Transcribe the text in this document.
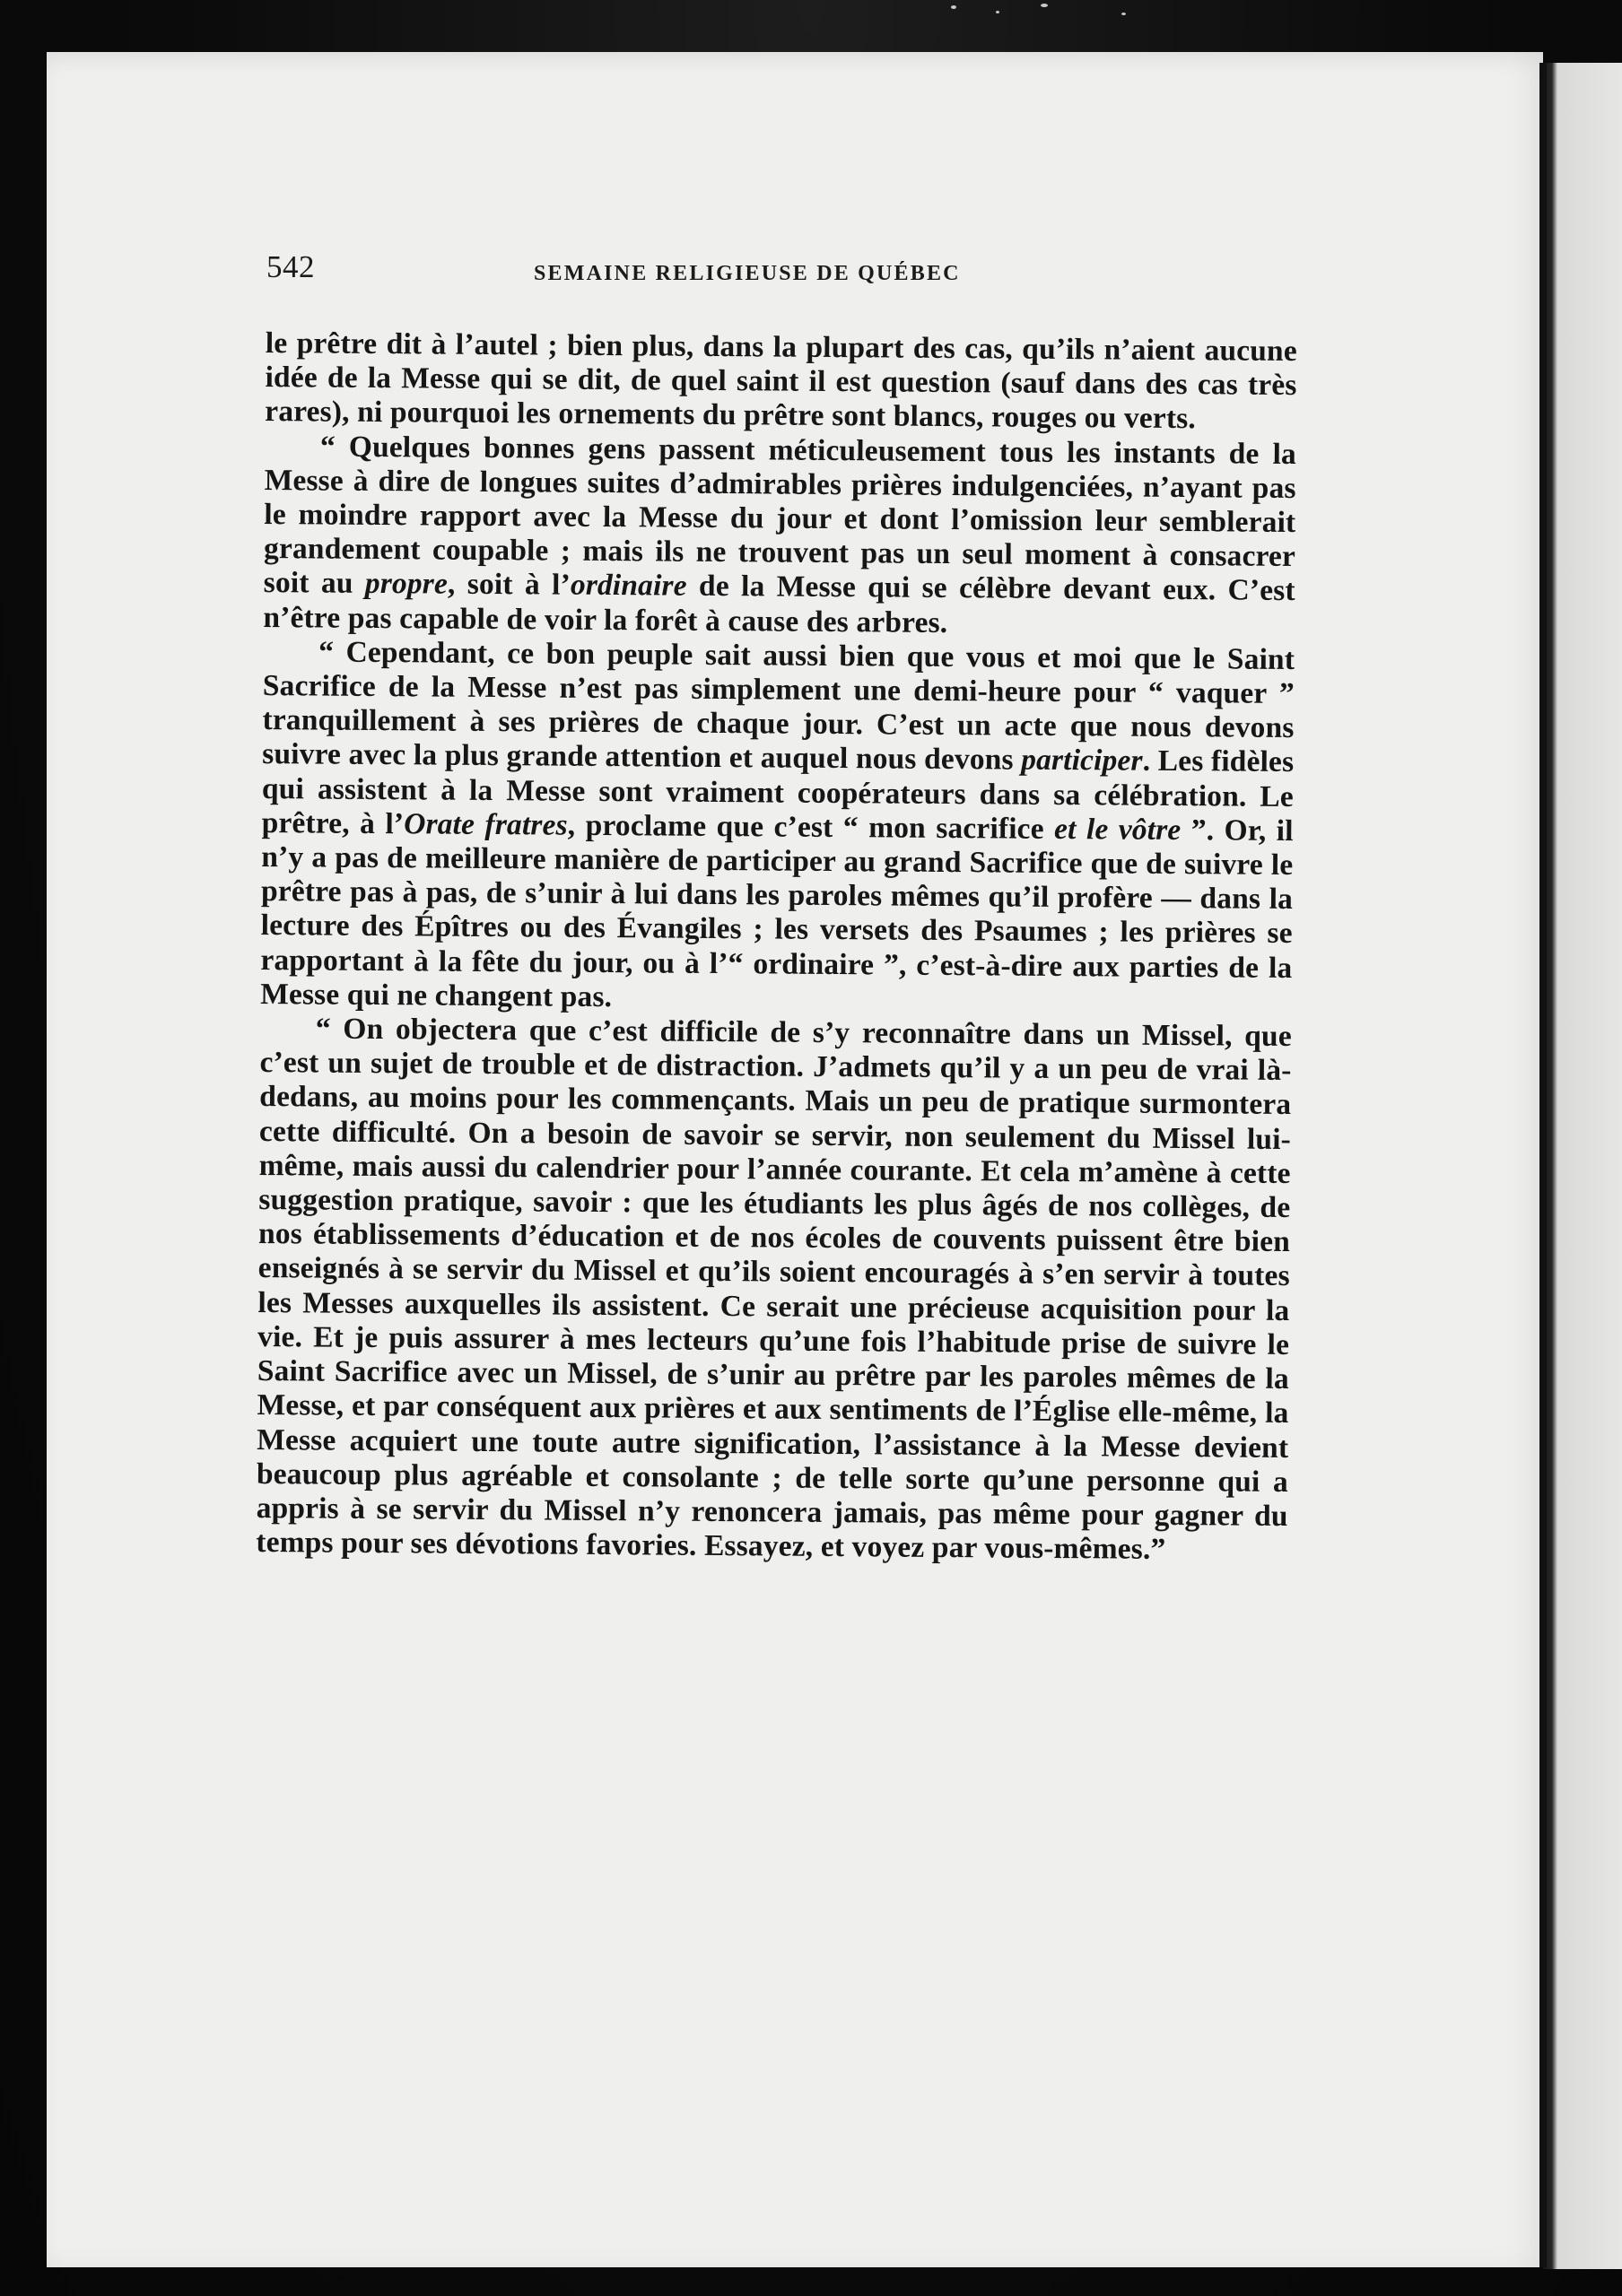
542	SEMAINE RELIGIEUSE DE QUÉBEC

le prêtre dit à l’autel ; bien plus, dans la plupart des cas, qu’ils n’aient aucune idée de la Messe qui se dit, de quel saint il est question (sauf dans des cas très rares), ni pourquoi les ornements du prêtre sont blancs, rouges ou verts.

“ Quelques bonnes gens passent méticuleusement tous les instants de la Messe à dire de longues suites d’admirables prières indulgenciées, n’ayant pas le moindre rapport avec la Messe du jour et dont l’omission leur semblerait grandement coupable ; mais ils ne trouvent pas un seul moment à consacrer soit au propre, soit à l’ordinaire de la Messe qui se célèbre devant eux. C’est n’être pas capable de voir la forêt à cause des arbres.

“ Cependant, ce bon peuple sait aussi bien que vous et moi que le Saint Sacrifice de la Messe n’est pas simplement une demi-heure pour “ vaquer ” tranquillement à ses prières de chaque jour. C’est un acte que nous devons suivre avec la plus grande attention et auquel nous devons participer. Les fidèles qui assistent à la Messe sont vraiment coopérateurs dans sa célébration. Le prêtre, à l’Orate fratres, proclame que c’est “ mon sacrifice et le vôtre ”. Or, il n’y a pas de meilleure manière de participer au grand Sacrifice que de suivre le prêtre pas à pas, de s’unir à lui dans les paroles mêmes qu’il profère — dans la lecture des Épîtres ou des Évangiles ; les versets des Psaumes ; les prières se rapportant à la fête du jour, ou à l’“ ordinaire ”, c’est-à-dire aux parties de la Messe qui ne changent pas.

“ On objectera que c’est difficile de s’y reconnaître dans un Missel, que c’est un sujet de trouble et de distraction. J’admets qu’il y a un peu de vrai là-dedans, au moins pour les commençants. Mais un peu de pratique surmontera cette difficulté. On a besoin de savoir se servir, non seulement du Missel lui-même, mais aussi du calendrier pour l’année courante. Et cela m’amène à cette suggestion pratique, savoir : que les étudiants les plus âgés de nos collèges, de nos établissements d’éducation et de nos écoles de couvents puissent être bien enseignés à se servir du Missel et qu’ils soient encouragés à s’en servir à toutes les Messes auxquelles ils assistent. Ce serait une précieuse acquisition pour la vie. Et je puis assurer à mes lecteurs qu’une fois l’habitude prise de suivre le Saint Sacrifice avec un Missel, de s’unir au prêtre par les paroles mêmes de la Messe, et par conséquent aux prières et aux sentiments de l’Église elle-même, la Messe acquiert une toute autre signification, l’assistance à la Messe devient beaucoup plus agréable et consolante ; de telle sorte qu’une personne qui a appris à se servir du Missel n’y renoncera jamais, pas même pour gagner du temps pour ses dévotions favories. Essayez, et voyez par vous-mêmes.”
